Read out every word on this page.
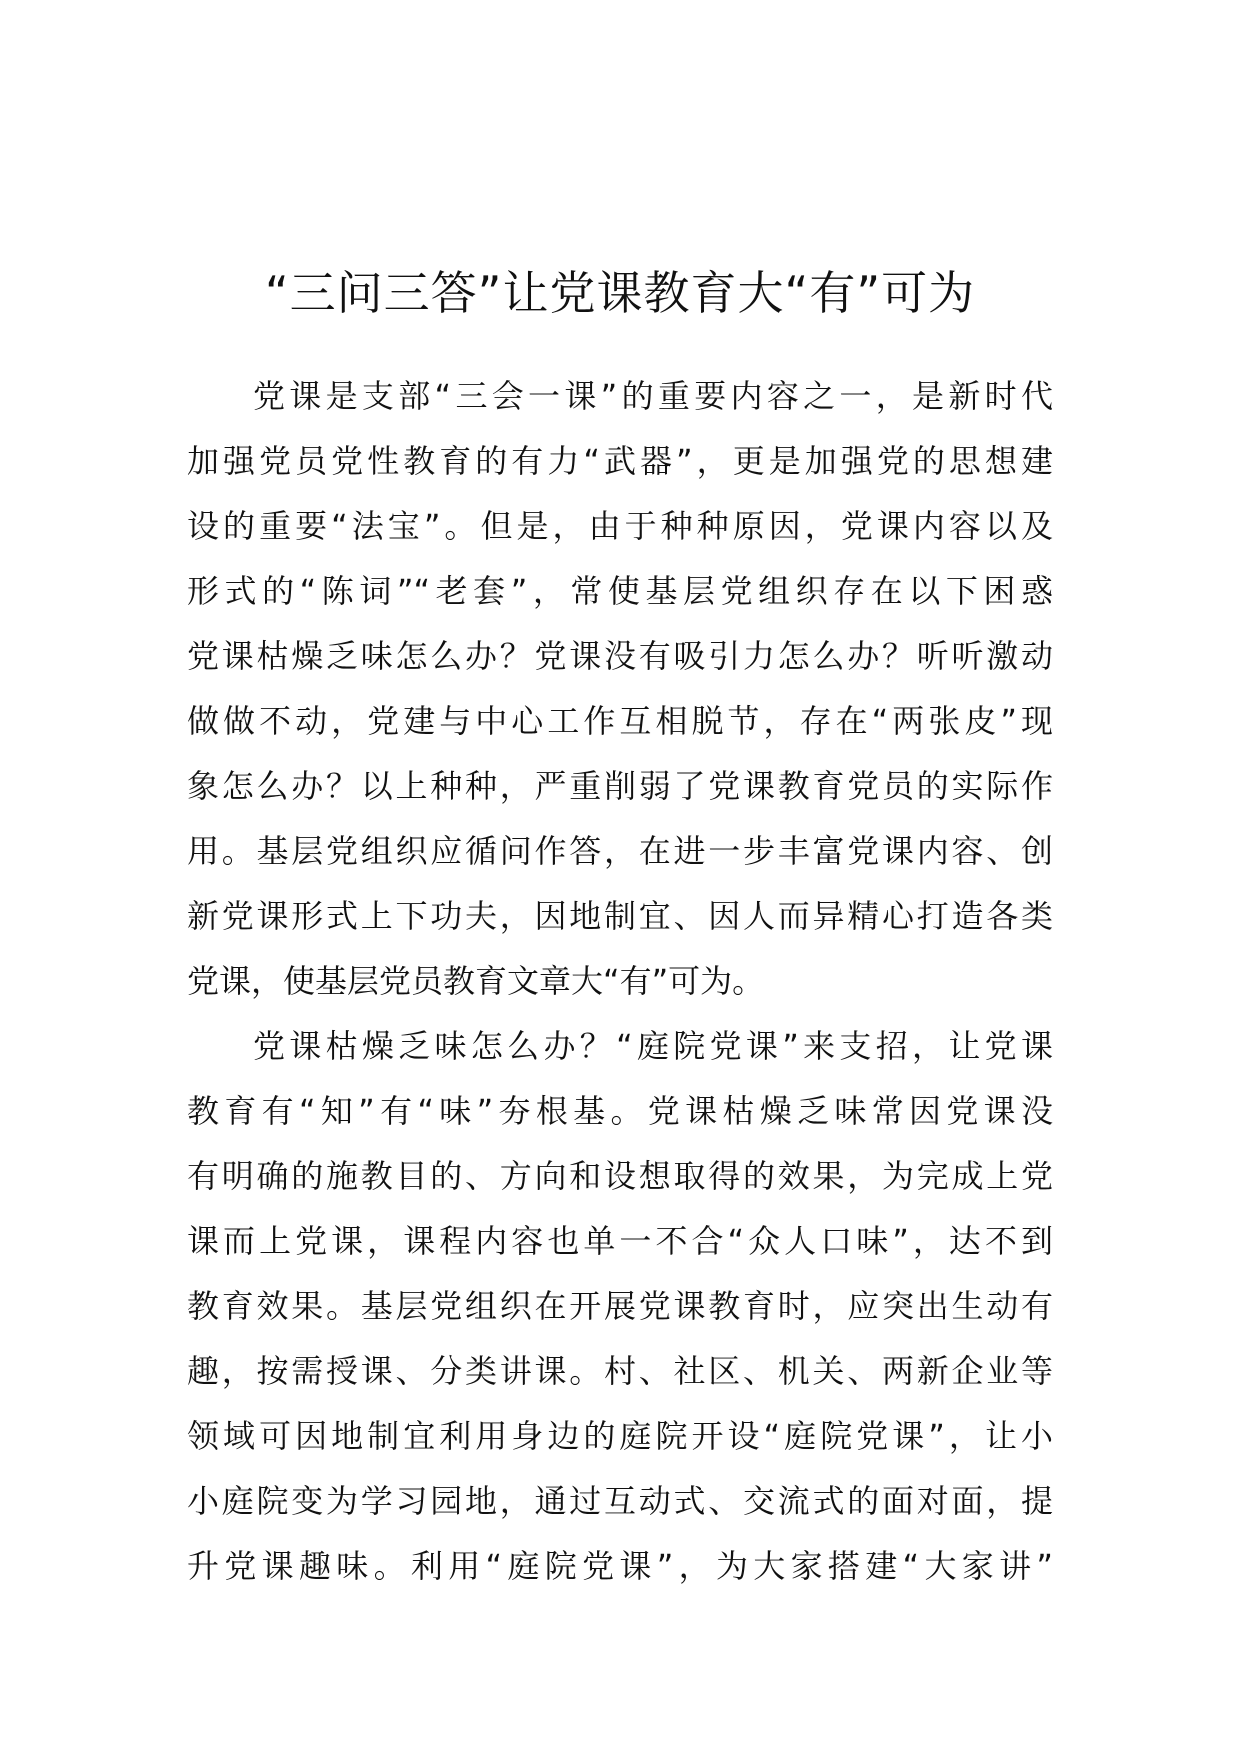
“三问三答”让党课教育大“有”可为
党课是支部“三会一课”的重要内容之一，是新时代
加强党员党性教育的有力“武器”，更是加强党的思想建
设的重要“法宝”。但是，由于种种原因，党课内容以及
形式的“陈词”“老套”，常使基层党组织存在以下困惑
党课枯燥乏味怎么办？党课没有吸引力怎么办？听听激动
做做不动，党建与中心工作互相脱节，存在“两张皮”现
象怎么办？以上种种，严重削弱了党课教育党员的实际作
用。基层党组织应循问作答，在进一步丰富党课内容、创
新党课形式上下功夫，因地制宜、因人而异精心打造各类
党课，使基层党员教育文章大“有”可为。
党课枯燥乏味怎么办？“庭院党课”来支招，让党课
教育有“知”有“味”夯根基。党课枯燥乏味常因党课没
有明确的施教目的、方向和设想取得的效果，为完成上党
课而上党课，课程内容也单一不合“众人口味”，达不到
教育效果。基层党组织在开展党课教育时，应突出生动有
趣，按需授课、分类讲课。村、社区、机关、两新企业等
领域可因地制宜利用身边的庭院开设“庭院党课”，让小
小庭院变为学习园地，通过互动式、交流式的面对面，提
升党课趣味。利用“庭院党课”，为大家搭建“大家讲”
